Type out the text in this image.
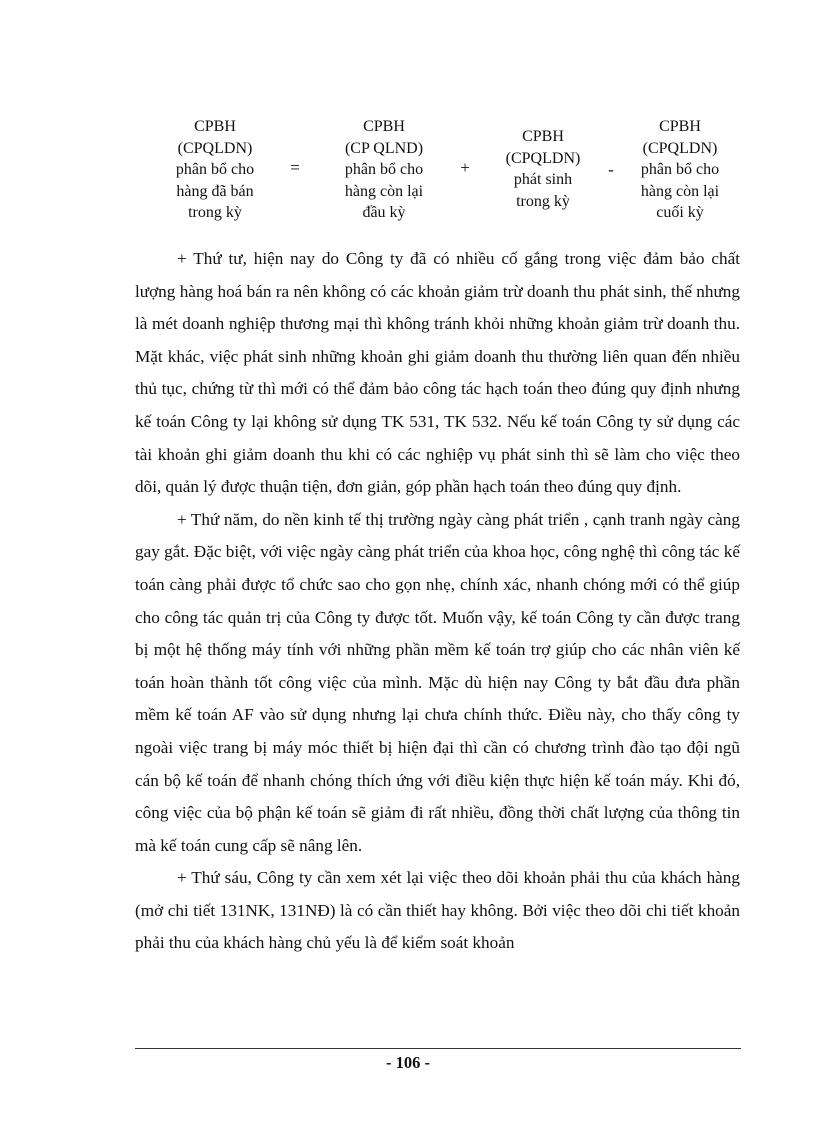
CPBH
(CPQLDN)
phân bổ cho
hàng đã bán
trong kỳ
=
CPBH
(CP QLND)
phân bổ cho
hàng còn lại
đầu kỳ
+
CPBH
(CPQLDN)
phát sinh
trong kỳ
-
CPBH
(CPQLDN)
phân bổ cho
hàng còn lại
cuối kỳ

+ Thứ tư, hiện nay do Công ty đã có nhiều cố gắng trong việc đảm bảo chất lượng hàng hoá bán ra nên không có các khoản giảm trừ doanh thu phát sinh, thế nhưng là mét doanh nghiệp thương mại thì không tránh khỏi những khoản giảm trừ doanh thu. Mặt khác, việc phát sinh những khoản ghi giảm doanh thu thường liên quan đến nhiều thủ tục, chứng từ thì mới có thể đảm bảo công tác hạch toán theo đúng quy định nhưng kế toán Công ty lại không sử dụng TK 531, TK 532. Nếu kế toán Công ty sử dụng các tài khoản ghi giảm doanh thu khi có các nghiệp vụ phát sinh thì sẽ làm cho việc theo dõi, quản lý được thuận tiện, đơn giản, góp phần hạch toán theo đúng quy định.

+ Thứ năm, do nền kinh tế thị trường ngày càng phát triển , cạnh tranh ngày càng gay gắt. Đặc biệt, với việc ngày càng phát triển của khoa học, công nghệ thì công tác kế toán càng phải được tổ chức sao cho gọn nhẹ, chính xác, nhanh chóng mới có thể giúp cho công tác quản trị của Công ty được tốt. Muốn vậy, kế toán Công ty cần được trang bị một hệ thống máy tính với những phần mềm kế toán trợ giúp cho các nhân viên kế toán hoàn thành tốt công việc của mình. Mặc dù hiện nay Công ty bắt đầu đưa phần mềm kế toán AF vào sử dụng nhưng lại chưa chính thức. Điều này, cho thấy công ty ngoài việc trang bị máy móc thiết bị hiện đại thì cần có chương trình đào tạo đội ngũ cán bộ kế toán để nhanh chóng thích ứng với điều kiện thực hiện kế toán máy. Khi đó, công việc của bộ phận kế toán sẽ giảm đi rất nhiều, đồng thời chất lượng của thông tin mà kế toán cung cấp sẽ nâng lên.

+ Thứ sáu, Công ty cần xem xét lại việc theo dõi khoản phải thu của khách hàng (mở chi tiết 131NK, 131NĐ) là có cần thiết hay không. Bởi việc theo dõi chi tiết khoản phải thu của khách hàng chủ yếu là để kiểm soát khoản

- 106 -
